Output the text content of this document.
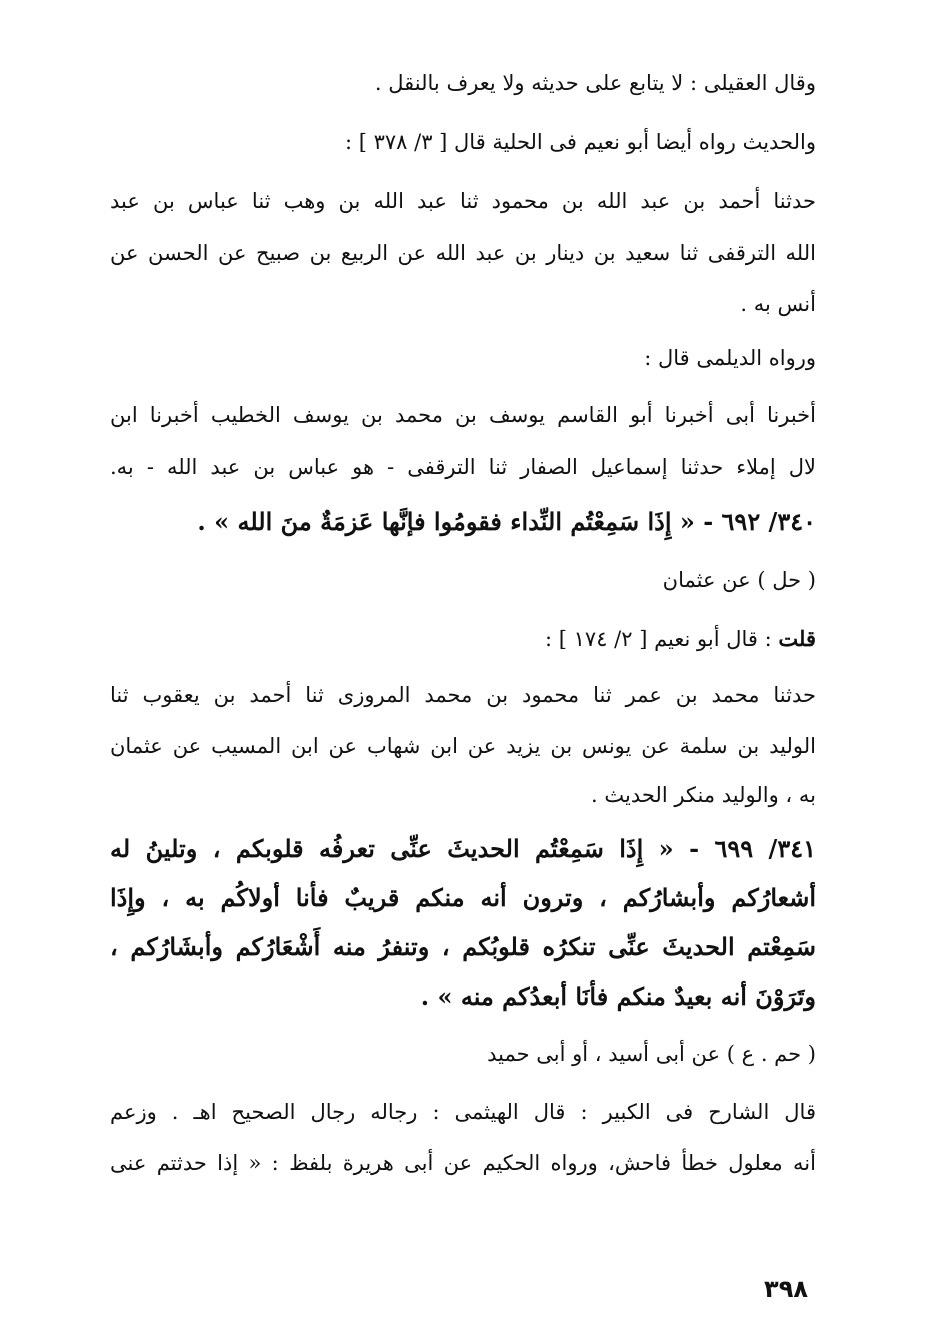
وقال العقيلى : لا يتابع على حديثه ولا يعرف بالنقل .
والحديث رواه أيضا أبو نعيم فى الحلية قال [ ٣/ ٣٧٨ ] :
حدثنا أحمد بن عبد الله بن محمود ثنا عبد الله بن وهب ثنا عباس بن عبد
الله الترقفى ثنا سعيد بن دينار بن عبد الله عن الربيع بن صبيح عن الحسن عن
أنس به .
ورواه الديلمى قال :
أخبرنا أبى أخبرنا أبو القاسم يوسف بن محمد بن يوسف الخطيب أخبرنا ابن
لال إملاء حدثنا إسماعيل الصفار ثنا الترقفى - هو عباس بن عبد الله - به.
٣٤٠/ ٦٩٢ - « إِذَا سَمِعْتُم النِّداء فقومُوا فإنَّها عَزمَةٌ منَ الله » .
( حل ) عن عثمان
قلت : قال أبو نعيم [ ٢/ ١٧٤ ] :
حدثنا محمد بن عمر ثنا محمود بن محمد المروزى ثنا أحمد بن يعقوب ثنا
الوليد بن سلمة عن يونس بن يزيد عن ابن شهاب عن ابن المسيب عن عثمان
به ، والوليد منكر الحديث .
٣٤١/ ٦٩٩ - « إِذَا سَمِعْتُم الحديثَ عنِّى تعرفُه قلوبكم ، وتلينُ له
أشعارُكم وأبشارُكم ، وترون أنه منكم قريبٌ فأنا أولاكُم به ، وإِذَا
سَمِعْتم الحديثَ عنِّى تنكرُه قلوبُكم ، وتنفرُ منه أَشْعَارُكم وأبشَارُكم ،
وتَرَوْنَ أنه بعيدٌ منكم فأنَا أبعدُكم منه » .
( حم . ع ) عن أبى أسيد ، أو أبى حميد
قال الشارح فى الكبير : قال الهيثمى : رجاله رجال الصحيح اهـ . وزعم
أنه معلول خطأ فاحش، ورواه الحكيم عن أبى هريرة بلفظ : « إذا حدثتم عنى
٣٩٨
